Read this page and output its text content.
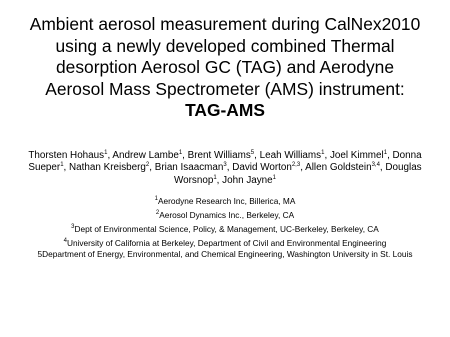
Ambient aerosol measurement during CalNex2010
using a newly developed combined Thermal
desorption Aerosol GC (TAG) and Aerodyne
Aerosol Mass Spectrometer (AMS) instrument:
TAG-AMS
Thorsten Hohaus$^1$, Andrew Lambe$^1$, Brent Williams$^5$, Leah Williams$^1$, Joel Kimmel$^1$, Donna
Sueper$^1$, Nathan Kreisberg$^2$, Brian Isaacman$^3$, David Worton$^{2,3}$, Allen Goldstein$^{3,4}$, Douglas
Worsnop$^1$, John Jayne$^1$
$^1$Aerodyne Research Inc, Billerica, MA
$^2$Aerosol Dynamics Inc., Berkeley, CA
$^3$Dept of Environmental Science, Policy, & Management, UC-Berkeley, Berkeley, CA
$^4$University of California at Berkeley, Department of Civil and Environmental Engineering
5Department of Energy, Environmental, and Chemical Engineering, Washington University in St. Louis
